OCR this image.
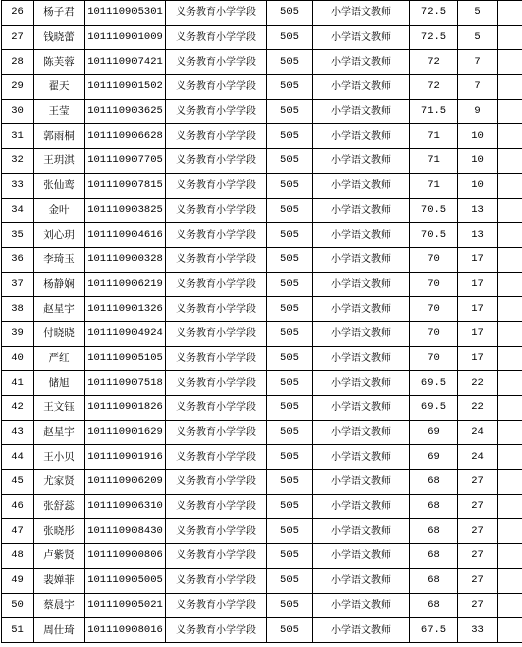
26	杨子君	101110905301	义务教育小学学段	505	小学语文教师	72.5	5	
27	钱晓蕾	101110901009	义务教育小学学段	505	小学语文教师	72.5	5	
28	陈芙蓉	101110907421	义务教育小学学段	505	小学语文教师	72	7	
29	翟天	101110901502	义务教育小学学段	505	小学语文教师	72	7	
30	王莹	101110903625	义务教育小学学段	505	小学语文教师	71.5	9	
31	郭雨桐	101110906628	义务教育小学学段	505	小学语文教师	71	10	
32	王玥淇	101110907705	义务教育小学学段	505	小学语文教师	71	10	
33	张仙鸾	101110907815	义务教育小学学段	505	小学语文教师	71	10	
34	金叶	101110903825	义务教育小学学段	505	小学语文教师	70.5	13	
35	刘心玥	101110904616	义务教育小学学段	505	小学语文教师	70.5	13	
36	李琦玉	101110900328	义务教育小学学段	505	小学语文教师	70	17	
37	杨静娴	101110906219	义务教育小学学段	505	小学语文教师	70	17	
38	赵星宇	101110901326	义务教育小学学段	505	小学语文教师	70	17	
39	付晓晓	101110904924	义务教育小学学段	505	小学语文教师	70	17	
40	严红	101110905105	义务教育小学学段	505	小学语文教师	70	17	
41	储旭	101110907518	义务教育小学学段	505	小学语文教师	69.5	22	
42	王文钰	101110901826	义务教育小学学段	505	小学语文教师	69.5	22	
43	赵星宇	101110901629	义务教育小学学段	505	小学语文教师	69	24	
44	王小贝	101110901916	义务教育小学学段	505	小学语文教师	69	24	
45	尤家贤	101110906209	义务教育小学学段	505	小学语文教师	68	27	
46	张舒蕊	101110906310	义务教育小学学段	505	小学语文教师	68	27	
47	张晓彤	101110908430	义务教育小学学段	505	小学语文教师	68	27	
48	卢紫贤	101110900806	义务教育小学学段	505	小学语文教师	68	27	
49	裴婵菲	101110905005	义务教育小学学段	505	小学语文教师	68	27	
50	蔡晨宇	101110905021	义务教育小学学段	505	小学语文教师	68	27	
51	周仕琦	101110908016	义务教育小学学段	505	小学语文教师	67.5	33	
